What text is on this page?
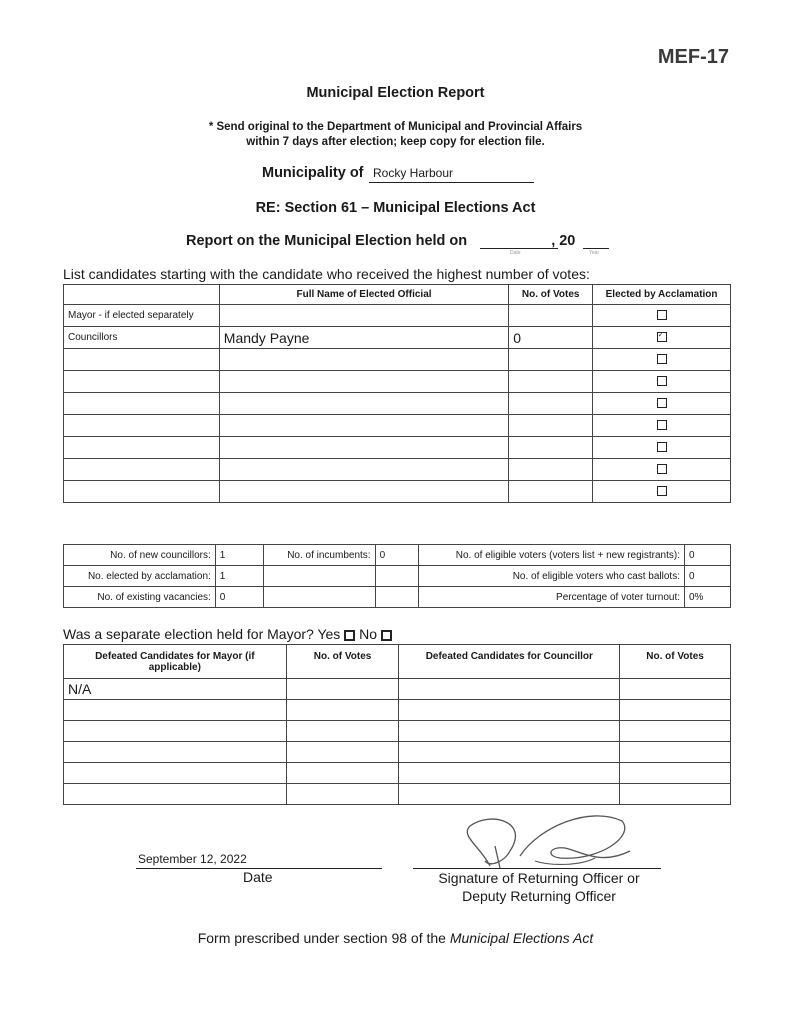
MEF-17
Municipal Election Report
* Send original to the Department of Municipal and Provincial Affairs
within 7 days after election; keep copy for election file.
Municipality of Rocky Harbour
RE: Section 61 – Municipal Elections Act
Report on the Municipal Election held on	, 20
Date	Year
List candidates starting with the candidate who received the highest number of votes:
	Full Name of Elected Official	No. of Votes	Elected by Acclamation
Mayor - if elected separately			
Councillors	Mandy Payne	0	✓

No. of new councillors:	1	No. of incumbents:	0	No. of eligible voters (voters list + new registrants):	0
No. elected by acclamation:	1			No. of eligible voters who cast ballots:	0
No. of existing vacancies:	0			Percentage of voter turnout:	0%
Was a separate election held for Mayor? Yes No
Defeated Candidates for Mayor (if applicable)	No. of Votes	Defeated Candidates for Councillor	No. of Votes
N/A			

September 12, 2022
Date	Signature of Returning Officer or
Deputy Returning Officer
Form prescribed under section 98 of the Municipal Elections Act
